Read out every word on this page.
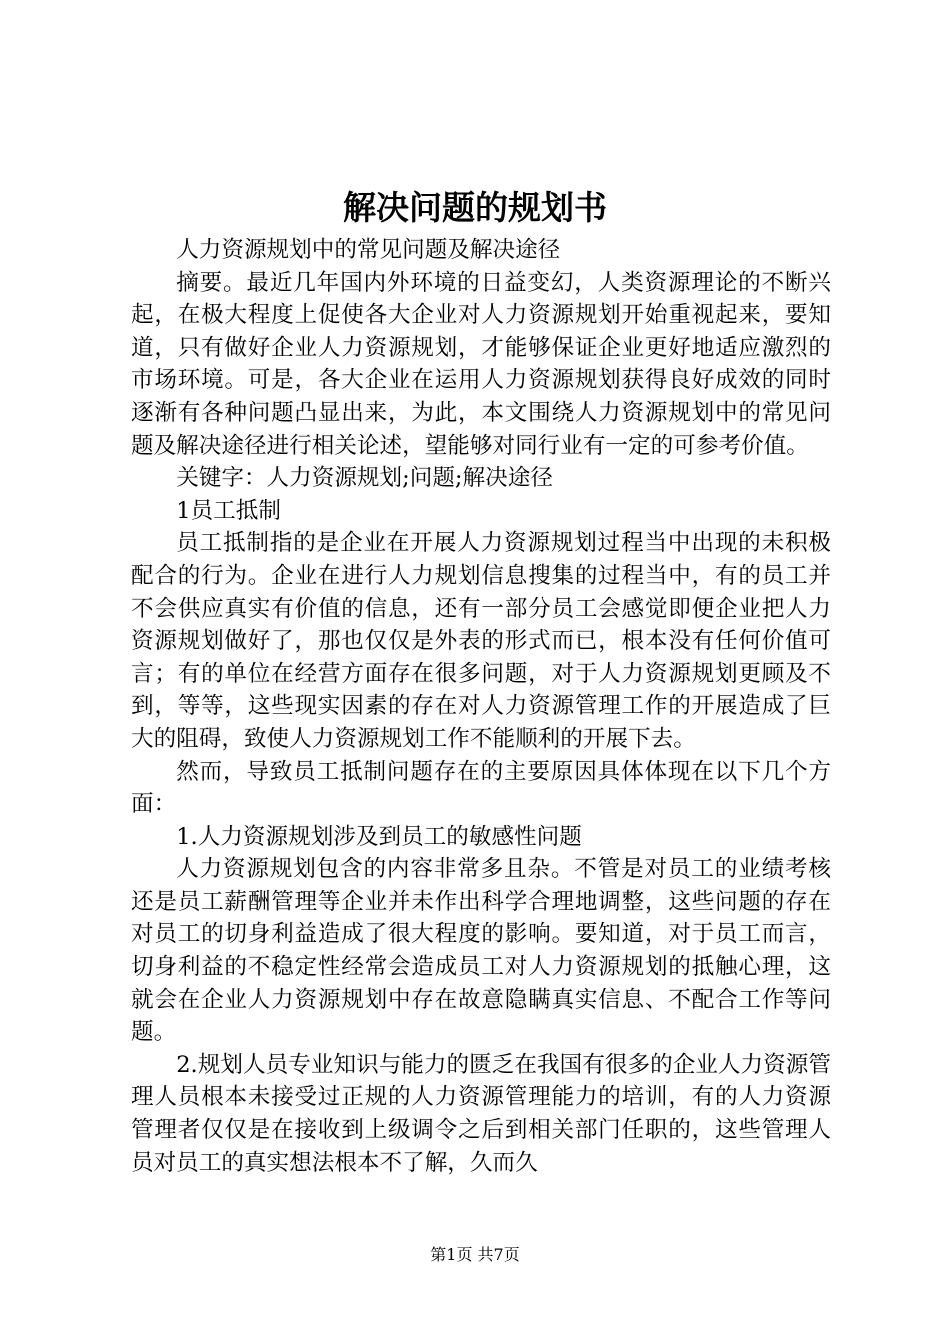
解决问题的规划书

人力资源规划中的常见问题及解决途径

摘要。最近几年国内外环境的日益变幻，人类资源理论的不断兴起，在极大程度上促使各大企业对人力资源规划开始重视起来，要知道，只有做好企业人力资源规划，才能够保证企业更好地适应激烈的市场环境。可是，各大企业在运用人力资源规划获得良好成效的同时逐渐有各种问题凸显出来，为此，本文围绕人力资源规划中的常见问题及解决途径进行相关论述，望能够对同行业有一定的可参考价值。

关键字：人力资源规划;问题;解决途径

1员工抵制

员工抵制指的是企业在开展人力资源规划过程当中出现的未积极配合的行为。企业在进行人力规划信息搜集的过程当中，有的员工并不会供应真实有价值的信息，还有一部分员工会感觉即便企业把人力资源规划做好了，那也仅仅是外表的形式而已，根本没有任何价值可言；有的单位在经营方面存在很多问题，对于人力资源规划更顾及不到，等等，这些现实因素的存在对人力资源管理工作的开展造成了巨大的阻碍，致使人力资源规划工作不能顺利的开展下去。

然而，导致员工抵制问题存在的主要原因具体体现在以下几个方面：

1.人力资源规划涉及到员工的敏感性问题

人力资源规划包含的内容非常多且杂。不管是对员工的业绩考核还是员工薪酬管理等企业并未作出科学合理地调整，这些问题的存在对员工的切身利益造成了很大程度的影响。要知道，对于员工而言，切身利益的不稳定性经常会造成员工对人力资源规划的抵触心理，这就会在企业人力资源规划中存在故意隐瞒真实信息、不配合工作等问题。

2.规划人员专业知识与能力的匮乏在我国有很多的企业人力资源管理人员根本未接受过正规的人力资源管理能力的培训，有的人力资源管理者仅仅是在接收到上级调令之后到相关部门任职的，这些管理人员对员工的真实想法根本不了解，久而久

第1页 共7页
